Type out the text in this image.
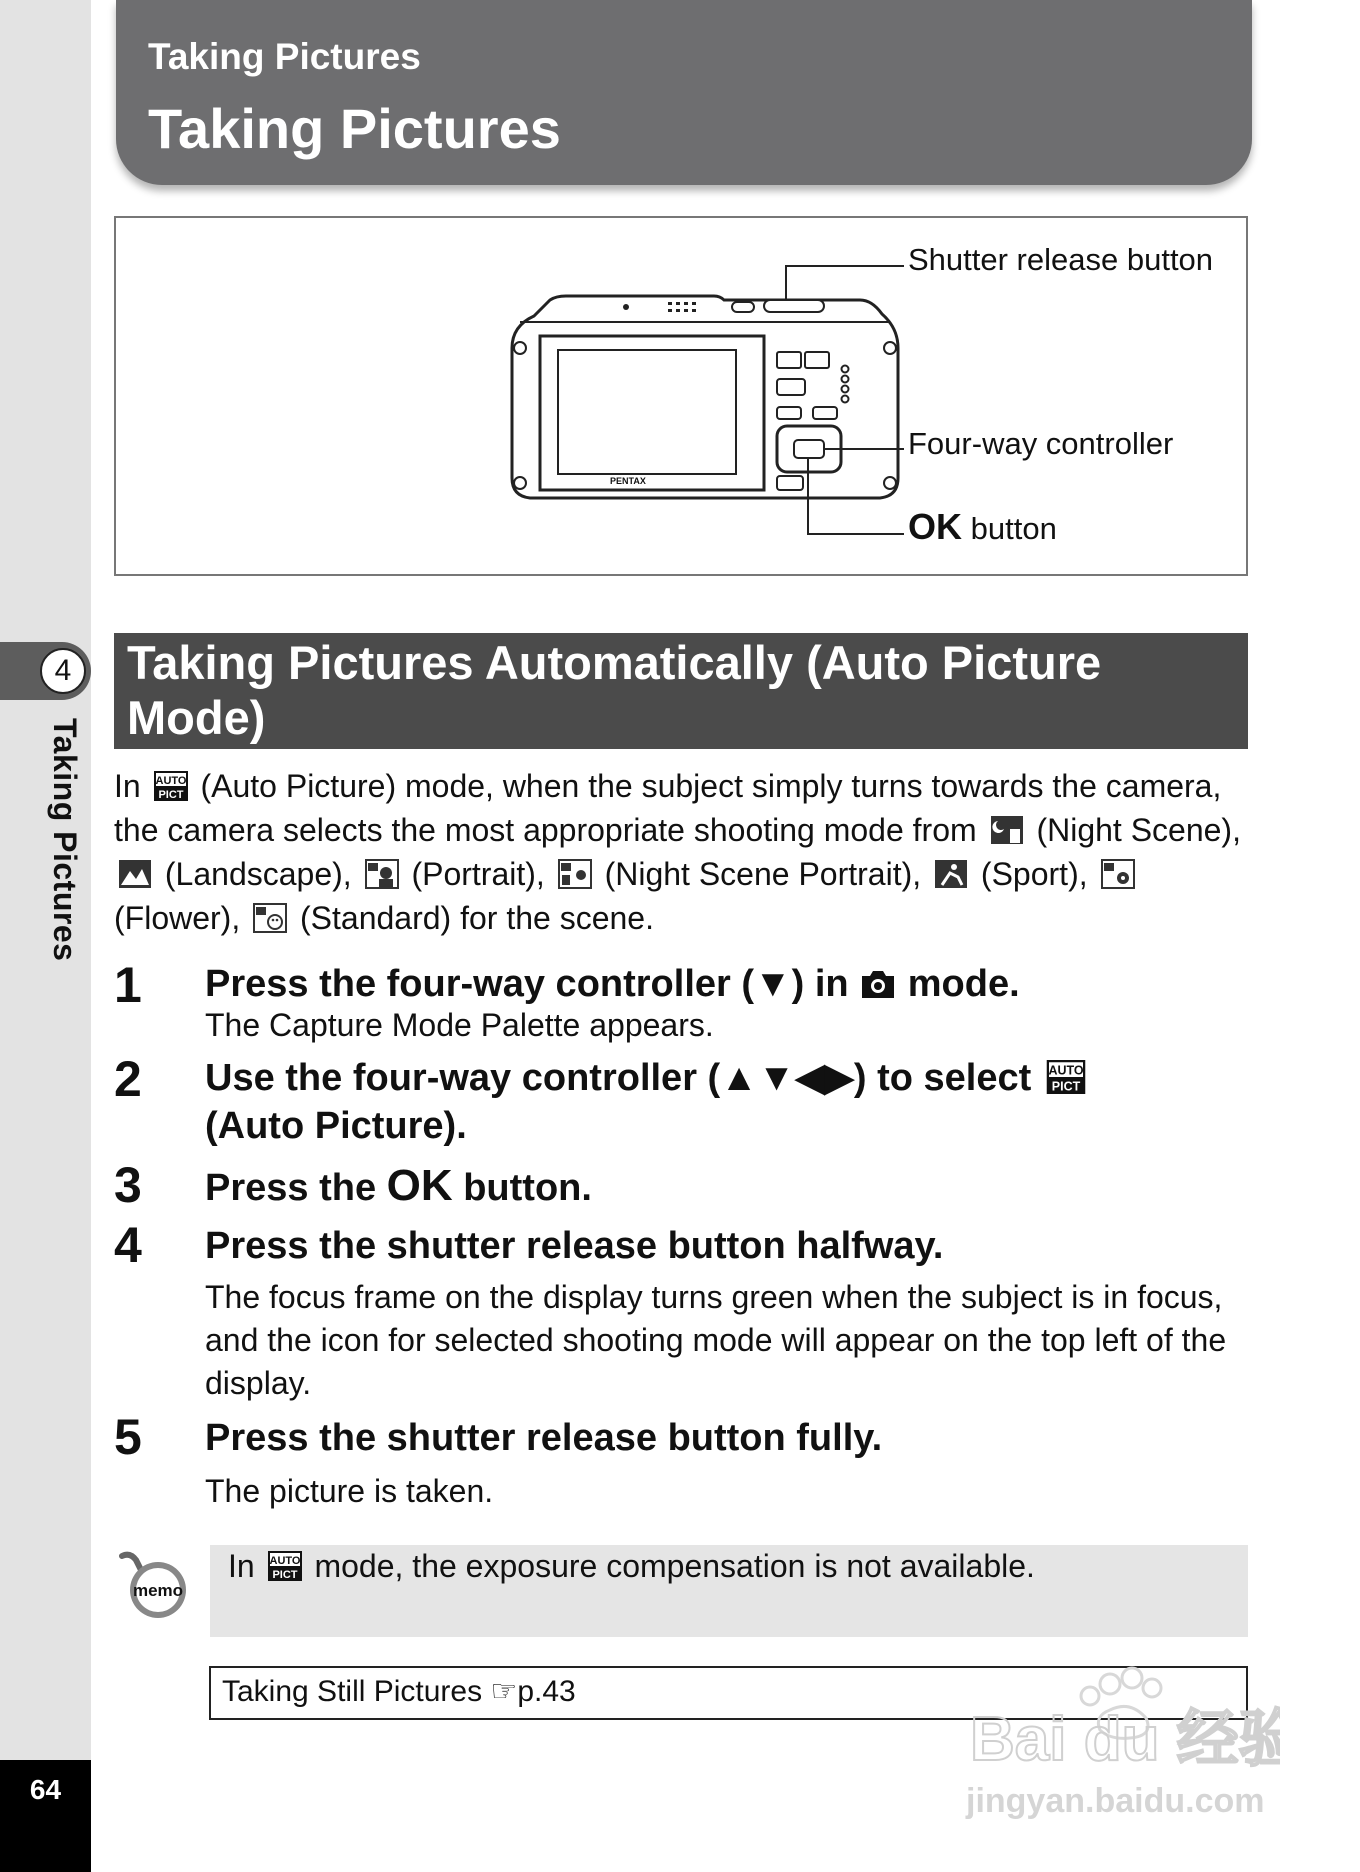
4
Taking Pictures
64
Taking Pictures
Taking Pictures
PENTAX
Shutter release button
Four-way controller
OK button
Taking Pictures Automatically (Auto Picture Mode)
In AUTO
PICT (Auto Picture) mode, when the subject simply turns towards the camera, the camera selects the most appropriate shooting mode from (Night Scene),  (Landscape), (Portrait), (Night Scene Portrait), (Sport),  (Flower), (Standard) for the scene.
1 Press the four-way controller (▼) in mode.
The Capture Mode Palette appears.
2 Use the four-way controller (▲▼◀▶) to select AUTO
PICT

(Auto Picture).
3 Press the OK button.
4 Press the shutter release button halfway.
The focus frame on the display turns green when the subject is in focus, and the icon for selected shooting mode will appear on the top left of the display.
5 Press the shutter release button fully.
The picture is taken.
memo
In AUTO
PICT mode, the exposure compensation is not available.
Taking Still Pictures ☞p.43
Bai du 经验
jingyan.baidu.com
